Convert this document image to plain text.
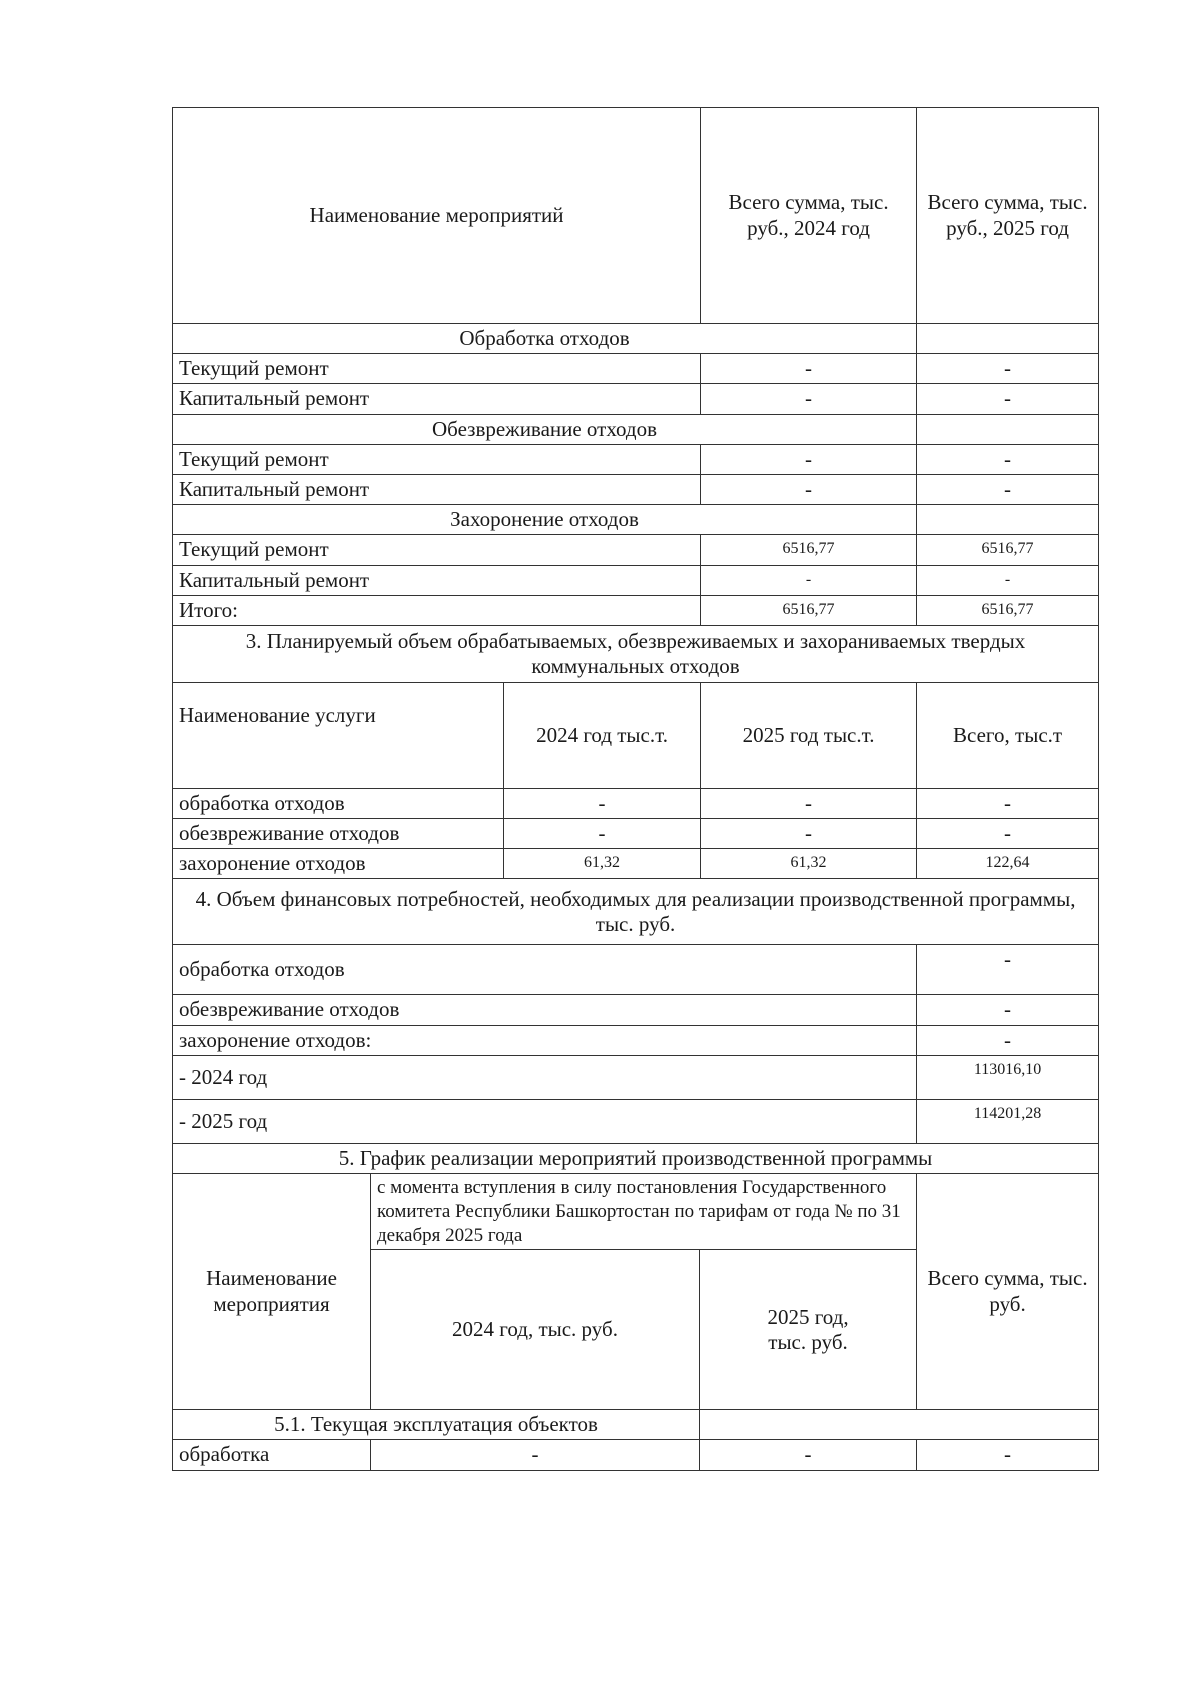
Наименование мероприятий			Всего сумма, тыс. руб., 2024 год	Всего сумма, тыс. руб., 2025 год
Обработка отходов				
Текущий ремонт			-	-
Капитальный ремонт			-	-
Обезвреживание отходов				
Текущий ремонт			-	-
Капитальный ремонт			-	-
Захоронение отходов				
Текущий ремонт			6516,77	6516,77
Капитальный ремонт			-	-
Итого:			6516,77	6516,77
3. Планируемый объем обрабатываемых, обезвреживаемых и захораниваемых твердых коммунальных отходов				
Наименование услуги		2024 год тыс.т.	2025 год тыс.т.	Всего, тыс.т
обработка отходов		-	-	-
обезвреживание отходов		-	-	-
захоронение отходов		61,32	61,32	122,64
4. Объем финансовых потребностей, необходимых для реализации производственной программы, тыс. руб.				
обработка отходов				-
обезвреживание отходов				-
захоронение отходов:				-
- 2024 год				113016,10
- 2025 год				114201,28
5. График реализации мероприятий производственной программы				
Наименование мероприятия	с момента вступления в силу постановления Государственного комитета Республики Башкортостан по тарифам от года № по 31 декабря 2025 года			Всего сумма, тыс. руб.
	2024 год, тыс. руб.		2025 год, тыс. руб.	
5.1. Текущая эксплуатация объектов				
обработка	-		-	-
